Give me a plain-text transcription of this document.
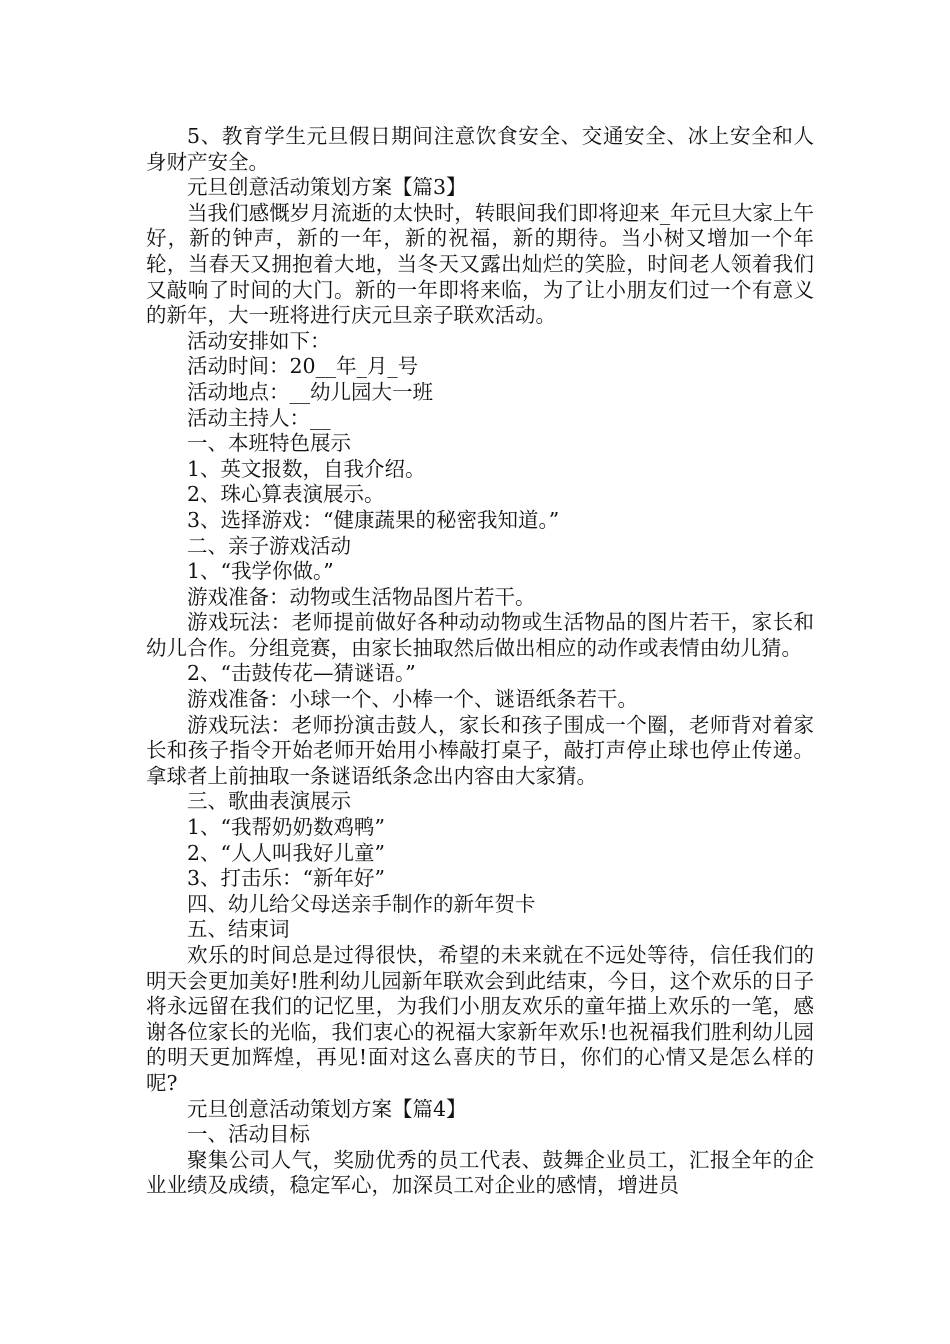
5、教育学生元旦假日期间注意饮食安全、交通安全、冰上安全和人身财产安全。

元旦创意活动策划方案【篇3】

当我们感慨岁月流逝的太快时，转眼间我们即将迎来_年元旦大家上午好，新的钟声，新的一年，新的祝福，新的期待。当小树又增加一个年轮，当春天又拥抱着大地，当冬天又露出灿烂的笑脸，时间老人领着我们又敲响了时间的大门。新的一年即将来临，为了让小朋友们过一个有意义的新年，大一班将进行庆元旦亲子联欢活动。

活动安排如下：

活动时间：20__年_月_号

活动地点：__幼儿园大一班

活动主持人：__

一、本班特色展示

1、英文报数，自我介绍。

2、珠心算表演展示。

3、选择游戏：“健康蔬果的秘密我知道。”

二、亲子游戏活动

1、“我学你做。”

游戏准备：动物或生活物品图片若干。

游戏玩法：老师提前做好各种动动物或生活物品的图片若干，家长和幼儿合作。分组竞赛，由家长抽取然后做出相应的动作或表情由幼儿猜。

2、“击鼓传花—猜谜语。”

游戏准备：小球一个、小棒一个、谜语纸条若干。

游戏玩法：老师扮演击鼓人，家长和孩子围成一个圈，老师背对着家长和孩子指令开始老师开始用小棒敲打桌子，敲打声停止球也停止传递。拿球者上前抽取一条谜语纸条念出内容由大家猜。

三、歌曲表演展示

1、“我帮奶奶数鸡鸭”

2、“人人叫我好儿童”

3、打击乐：“新年好”

四、幼儿给父母送亲手制作的新年贺卡

五、结束词

欢乐的时间总是过得很快，希望的未来就在不远处等待，信任我们的明天会更加美好!胜利幼儿园新年联欢会到此结束，今日，这个欢乐的日子将永远留在我们的记忆里，为我们小朋友欢乐的童年描上欢乐的一笔，感谢各位家长的光临，我们衷心的祝福大家新年欢乐!也祝福我们胜利幼儿园的明天更加辉煌，再见!面对这么喜庆的节日，你们的心情又是怎么样的呢?

元旦创意活动策划方案【篇4】

一、活动目标

聚集公司人气，奖励优秀的员工代表、鼓舞企业员工，汇报全年的企业业绩及成绩，稳定军心，加深员工对企业的感情，增进员
